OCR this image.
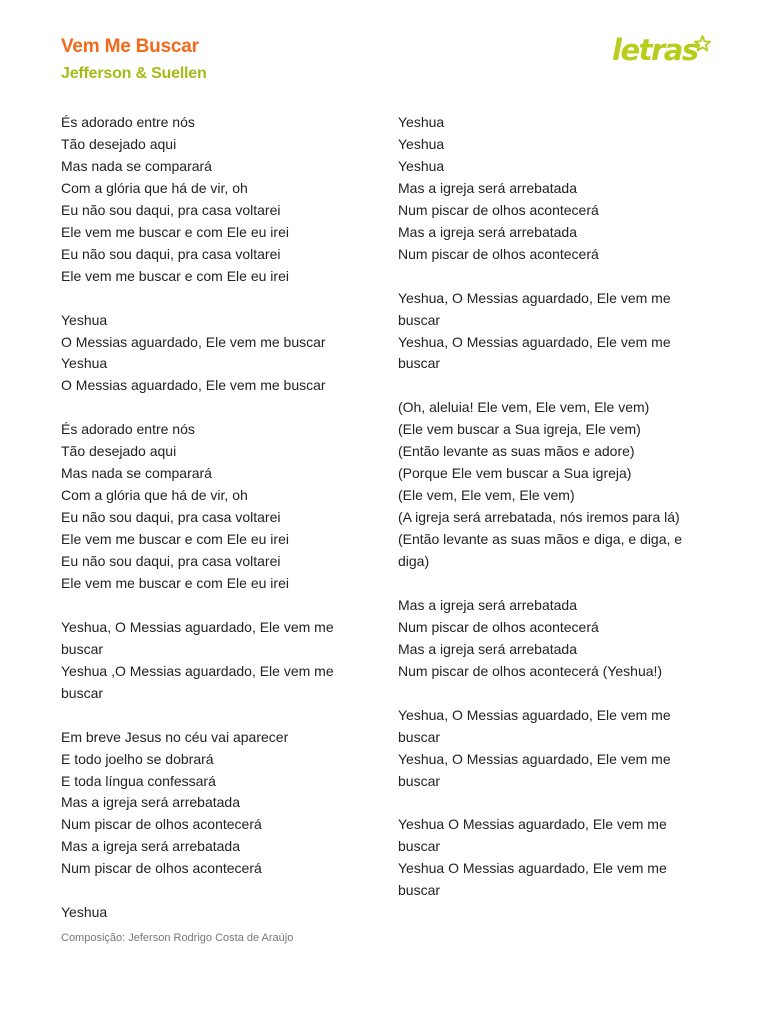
Vem Me Buscar
Jefferson & Suellen
letras
És adorado entre nós
Tão desejado aqui
Mas nada se comparará
Com a glória que há de vir, oh
Eu não sou daqui, pra casa voltarei
Ele vem me buscar e com Ele eu irei
Eu não sou daqui, pra casa voltarei
Ele vem me buscar e com Ele eu irei
Yeshua
O Messias aguardado, Ele vem me buscar
Yeshua
O Messias aguardado, Ele vem me buscar
És adorado entre nós
Tão desejado aqui
Mas nada se comparará
Com a glória que há de vir, oh
Eu não sou daqui, pra casa voltarei
Ele vem me buscar e com Ele eu irei
Eu não sou daqui, pra casa voltarei
Ele vem me buscar e com Ele eu irei
Yeshua, O Messias aguardado, Ele vem me buscar
Yeshua ,O Messias aguardado, Ele vem me buscar
Em breve Jesus no céu vai aparecer
E todo joelho se dobrará
E toda língua confessará
Mas a igreja será arrebatada
Num piscar de olhos acontecerá
Mas a igreja será arrebatada
Num piscar de olhos acontecerá
Yeshua
Yeshua
Yeshua
Yeshua
Mas a igreja será arrebatada
Num piscar de olhos acontecerá
Mas a igreja será arrebatada
Num piscar de olhos acontecerá
Yeshua, O Messias aguardado, Ele vem me buscar
Yeshua, O Messias aguardado, Ele vem me buscar
(Oh, aleluia! Ele vem, Ele vem, Ele vem)
(Ele vem buscar a Sua igreja, Ele vem)
(Então levante as suas mãos e adore)
(Porque Ele vem buscar a Sua igreja)
(Ele vem, Ele vem, Ele vem)
(A igreja será arrebatada, nós iremos para lá)
(Então levante as suas mãos e diga, e diga, e diga)
Mas a igreja será arrebatada
Num piscar de olhos acontecerá
Mas a igreja será arrebatada
Num piscar de olhos acontecerá (Yeshua!)
Yeshua, O Messias aguardado, Ele vem me buscar
Yeshua, O Messias aguardado, Ele vem me buscar
Yeshua O Messias aguardado, Ele vem me buscar
Yeshua O Messias aguardado, Ele vem me buscar
Composição: Jeferson Rodrigo Costa de Araújo
